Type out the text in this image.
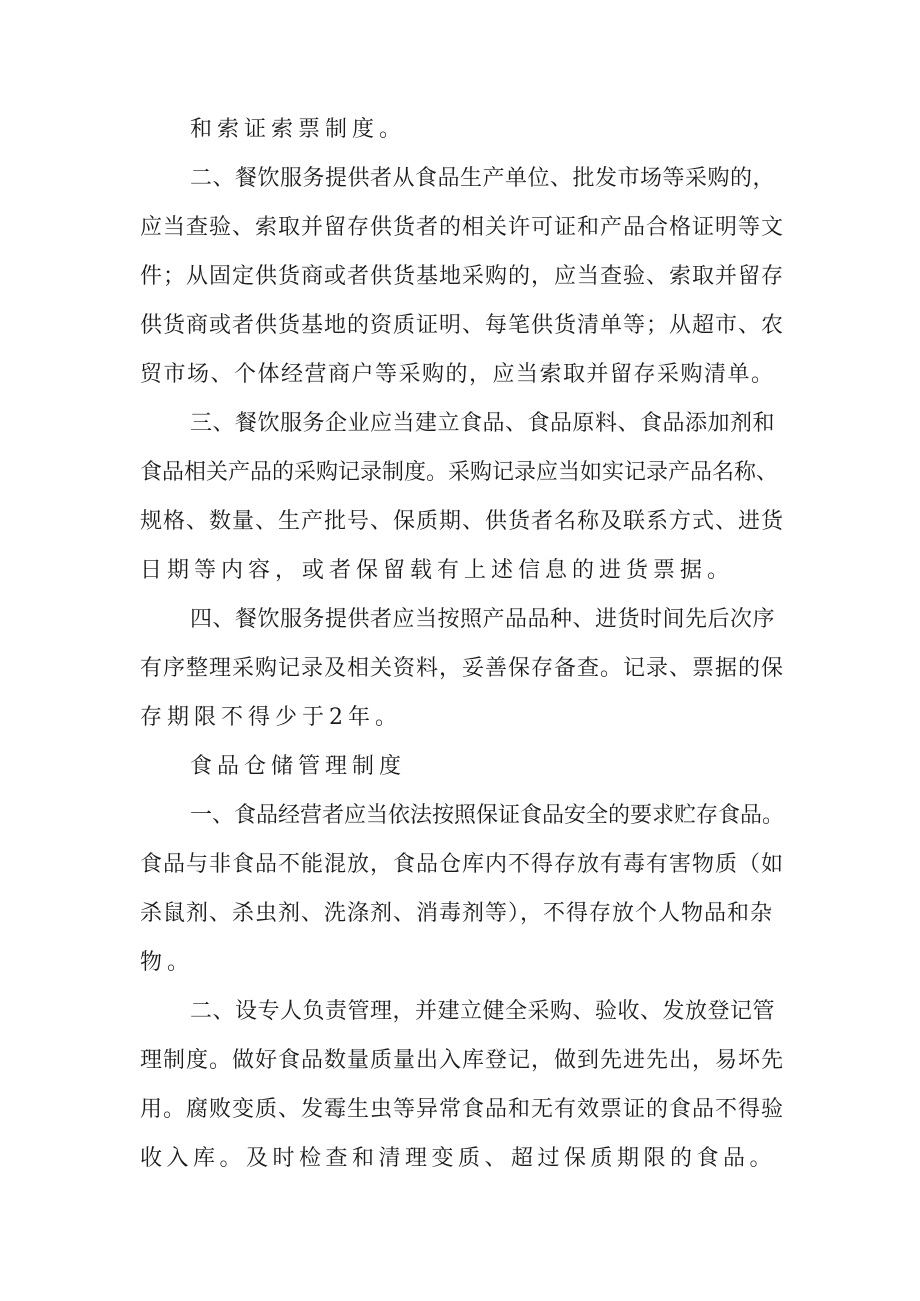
和索证索票制度。
二、餐饮服务提供者从食品生产单位、批发市场等采购的，
应当查验、索取并留存供货者的相关许可证和产品合格证明等文
件；从固定供货商或者供货基地采购的，应当查验、索取并留存
供货商或者供货基地的资质证明、每笔供货清单等；从超市、农
贸市场、个体经营商户等采购的，应当索取并留存采购清单。
三、餐饮服务企业应当建立食品、食品原料、食品添加剂和
食品相关产品的采购记录制度。采购记录应当如实记录产品名称、
规格、数量、生产批号、保质期、供货者名称及联系方式、进货
日期等内容，或者保留载有上述信息的进货票据。
四、餐饮服务提供者应当按照产品品种、进货时间先后次序
有序整理采购记录及相关资料，妥善保存备查。记录、票据的保
存期限不得少于2年。
食品仓储管理制度
一、食品经营者应当依法按照保证食品安全的要求贮存食品。
食品与非食品不能混放，食品仓库内不得存放有毒有害物质（如
杀鼠剂、杀虫剂、洗涤剂、消毒剂等），不得存放个人物品和杂
物。
二、设专人负责管理，并建立健全采购、验收、发放登记管
理制度。做好食品数量质量出入库登记，做到先进先出，易坏先
用。腐败变质、发霉生虫等异常食品和无有效票证的食品不得验
收入库。及时检查和清理变质、超过保质期限的食品。
